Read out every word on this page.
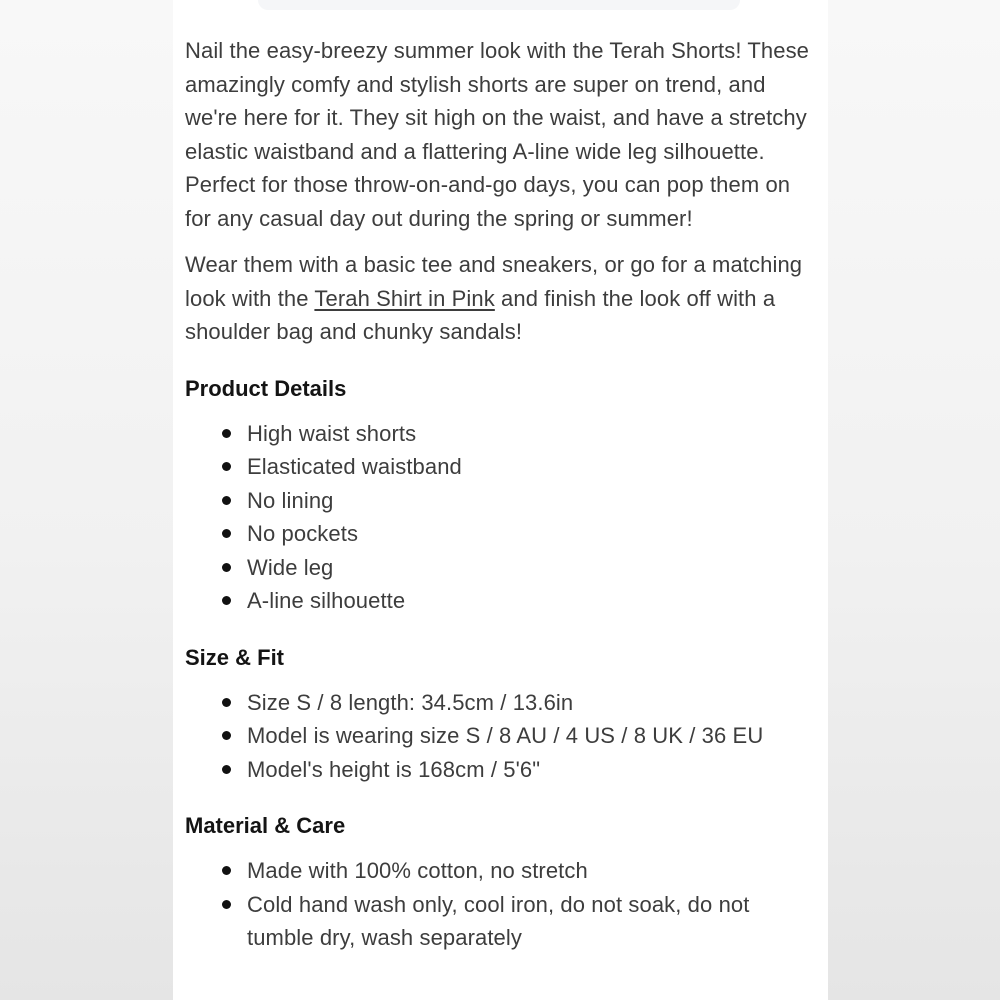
Nail the easy-breezy summer look with the Terah Shorts! These amazingly comfy and stylish shorts are super on trend, and we're here for it. They sit high on the waist, and have a stretchy elastic waistband and a flattering A-line wide leg silhouette. Perfect for those throw-on-and-go days, you can pop them on for any casual day out during the spring or summer!

Wear them with a basic tee and sneakers, or go for a matching look with the Terah Shirt in Pink and finish the look off with a shoulder bag and chunky sandals!

Product Details
High waist shorts
Elasticated waistband
No lining
No pockets
Wide leg
A-line silhouette
Size & Fit
Size S / 8 length: 34.5cm / 13.6in
Model is wearing size S / 8 AU / 4 US / 8 UK / 36 EU
Model's height is 168cm / 5'6"
Material & Care
Made with 100% cotton, no stretch
Cold hand wash only, cool iron, do not soak, do not tumble dry, wash separately
